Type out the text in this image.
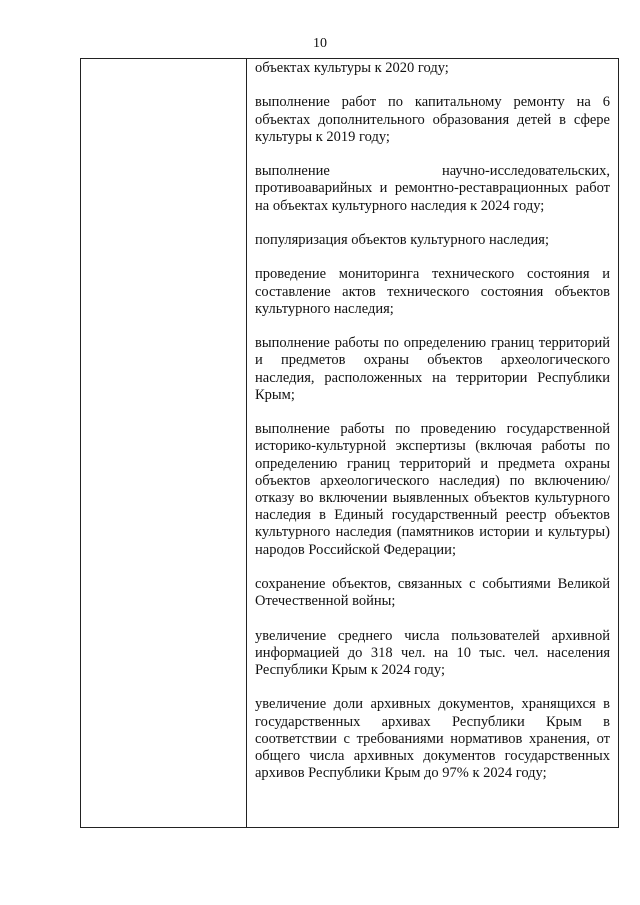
10

объектах культуры к 2020 году;

выполнение работ по капитальному ремонту на 6 объектах дополнительного образования детей в сфере культуры к 2019 году;

выполнение научно-исследовательских, противоаварийных и ремонтно-реставрационных работ на объектах культурного наследия к 2024 году;

популяризация объектов культурного наследия;

проведение мониторинга технического состояния и составление актов технического состояния объектов культурного наследия;

выполнение работы по определению границ территорий и предметов охраны объектов археологического наследия, расположенных на территории Республики Крым;

выполнение работы по проведению государственной историко-культурной экспертизы (включая работы по определению границ территорий и предмета охраны объектов археологического наследия) по включению/отказу во включении выявленных объектов культурного наследия в Единый государственный реестр объектов культурного наследия (памятников истории и культуры) народов Российской Федерации;

сохранение объектов, связанных с событиями Великой Отечественной войны;

увеличение среднего числа пользователей архивной информацией до 318 чел. на 10 тыс. чел. населения Республики Крым к 2024 году;

увеличение доли архивных документов, хранящихся в государственных архивах Республики Крым в соответствии с требованиями нормативов хранения, от общего числа архивных документов государственных архивов Республики Крым до 97% к 2024 году;
